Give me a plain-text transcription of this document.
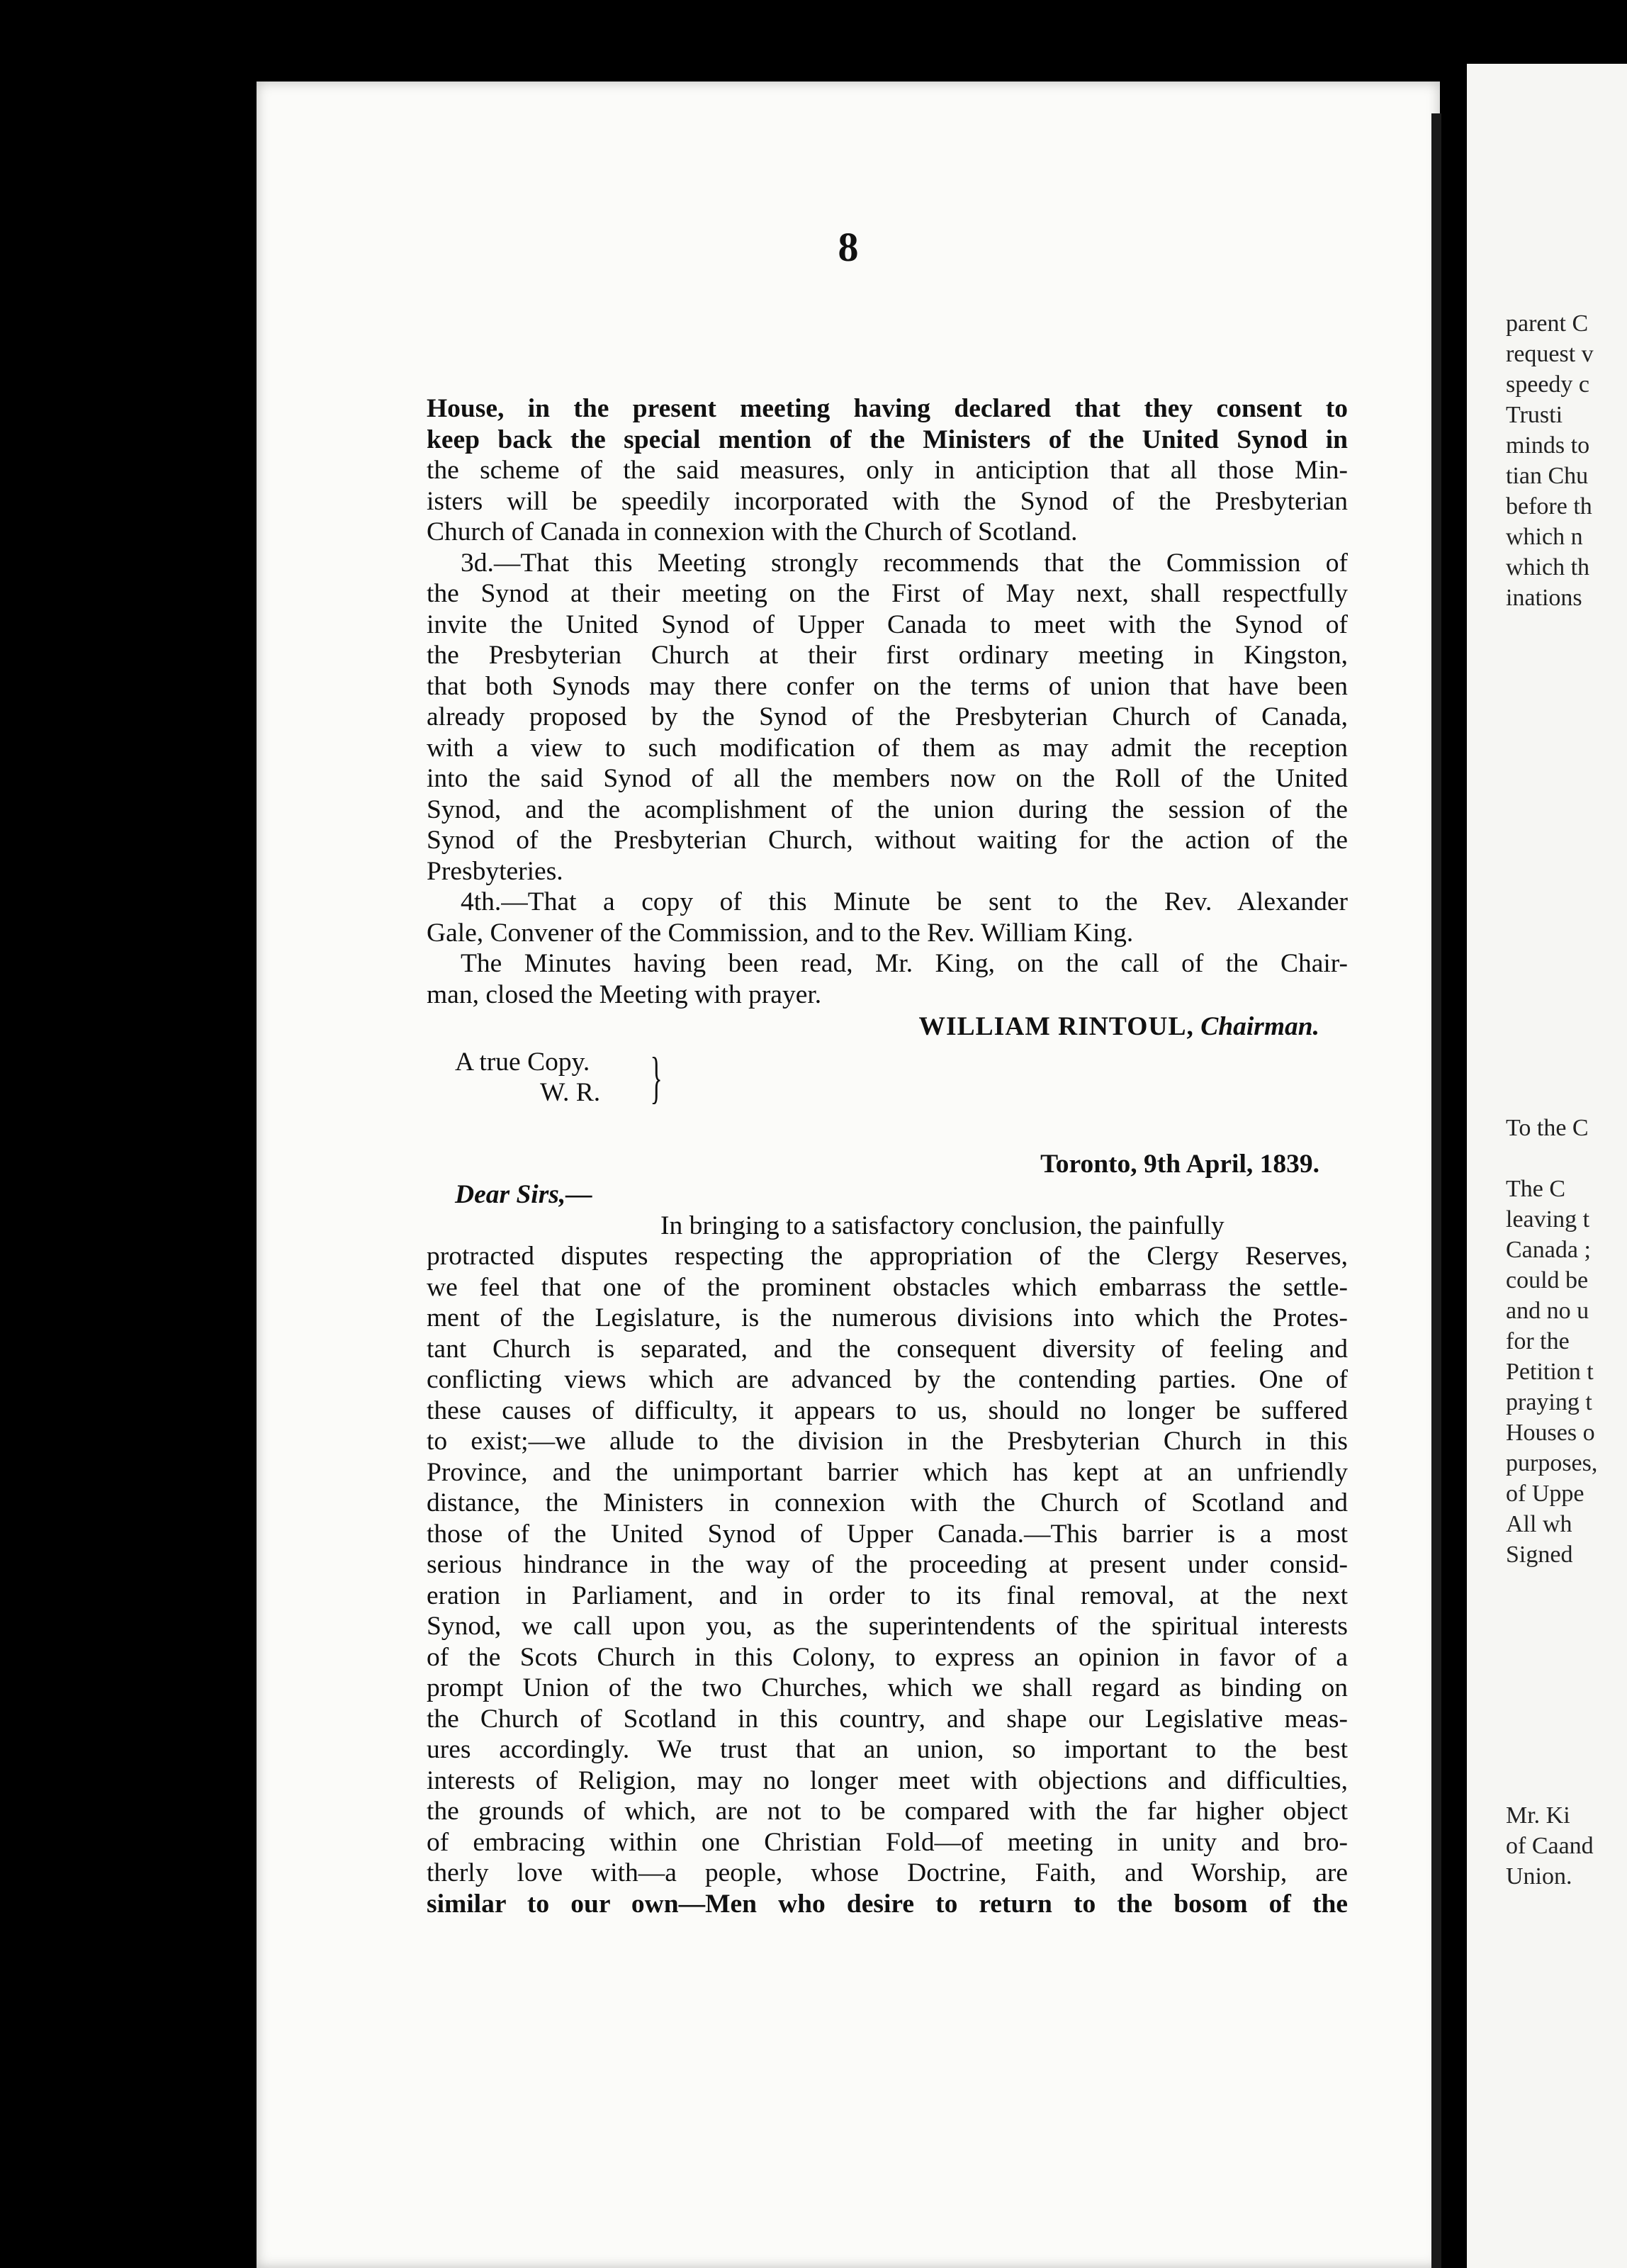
8
House, in the present meeting having declared that they consent to
keep back the special mention of the Ministers of the United Synod in
the scheme of the said measures, only in anticiption that all those Min-
isters will be speedily incorporated with the Synod of the Presbyterian
Church of Canada in connexion with the Church of Scotland.
3d.—That this Meeting strongly recommends that the Commission of
the Synod at their meeting on the First of May next, shall respectfully
invite the United Synod of Upper Canada to meet with the Synod of
the Presbyterian Church at their first ordinary meeting in Kingston,
that both Synods may there confer on the terms of union that have been
already proposed by the Synod of the Presbyterian Church of Canada,
with a view to such modification of them as may admit the reception
into the said Synod of all the members now on the Roll of the United
Synod, and the acomplishment of the union during the session of the
Synod of the Presbyterian Church, without waiting for the action of the
Presbyteries.
4th.—That a copy of this Minute be sent to the Rev. Alexander
Gale, Convener of the Commission, and to the Rev. William King.
The Minutes having been read, Mr. King, on the call of the Chair-
man, closed the Meeting with prayer.
WILLIAM RINTOUL, Chairman.
A true Copy.
W. R. }
Toronto, 9th April, 1839.
Dear Sirs,—
In bringing to a satisfactory conclusion, the painfully
protracted disputes respecting the appropriation of the Clergy Reserves,
we feel that one of the prominent obstacles which embarrass the settle-
ment of the Legislature, is the numerous divisions into which the Protes-
tant Church is separated, and the consequent diversity of feeling and
conflicting views which are advanced by the contending parties. One of
these causes of difficulty, it appears to us, should no longer be suffered
to exist;—we allude to the division in the Presbyterian Church in this
Province, and the unimportant barrier which has kept at an unfriendly
distance, the Ministers in connexion with the Church of Scotland and
those of the United Synod of Upper Canada.—This barrier is a most
serious hindrance in the way of the proceeding at present under consid-
eration in Parliament, and in order to its final removal, at the next
Synod, we call upon you, as the superintendents of the spiritual interests
of the Scots Church in this Colony, to express an opinion in favor of a
prompt Union of the two Churches, which we shall regard as binding on
the Church of Scotland in this country, and shape our Legislative meas-
ures accordingly. We trust that an union, so important to the best
interests of Religion, may no longer meet with objections and difficulties,
the grounds of which, are not to be compared with the far higher object
of embracing within one Christian Fold—of meeting in unity and bro-
therly love with—a people, whose Doctrine, Faith, and Worship, are
similar to our own—Men who desire to return to the bosom of the
parent C
request v
speedy c
Trusti
minds to
tian Chu
before th
which n
which th
inations
To the C

The C
leaving t
Canada ;
could be
and no u
for the
Petition t
praying t
Houses o
purposes,
of Uppe
All wh
Signed
Mr. Ki
of Caand
Union.
